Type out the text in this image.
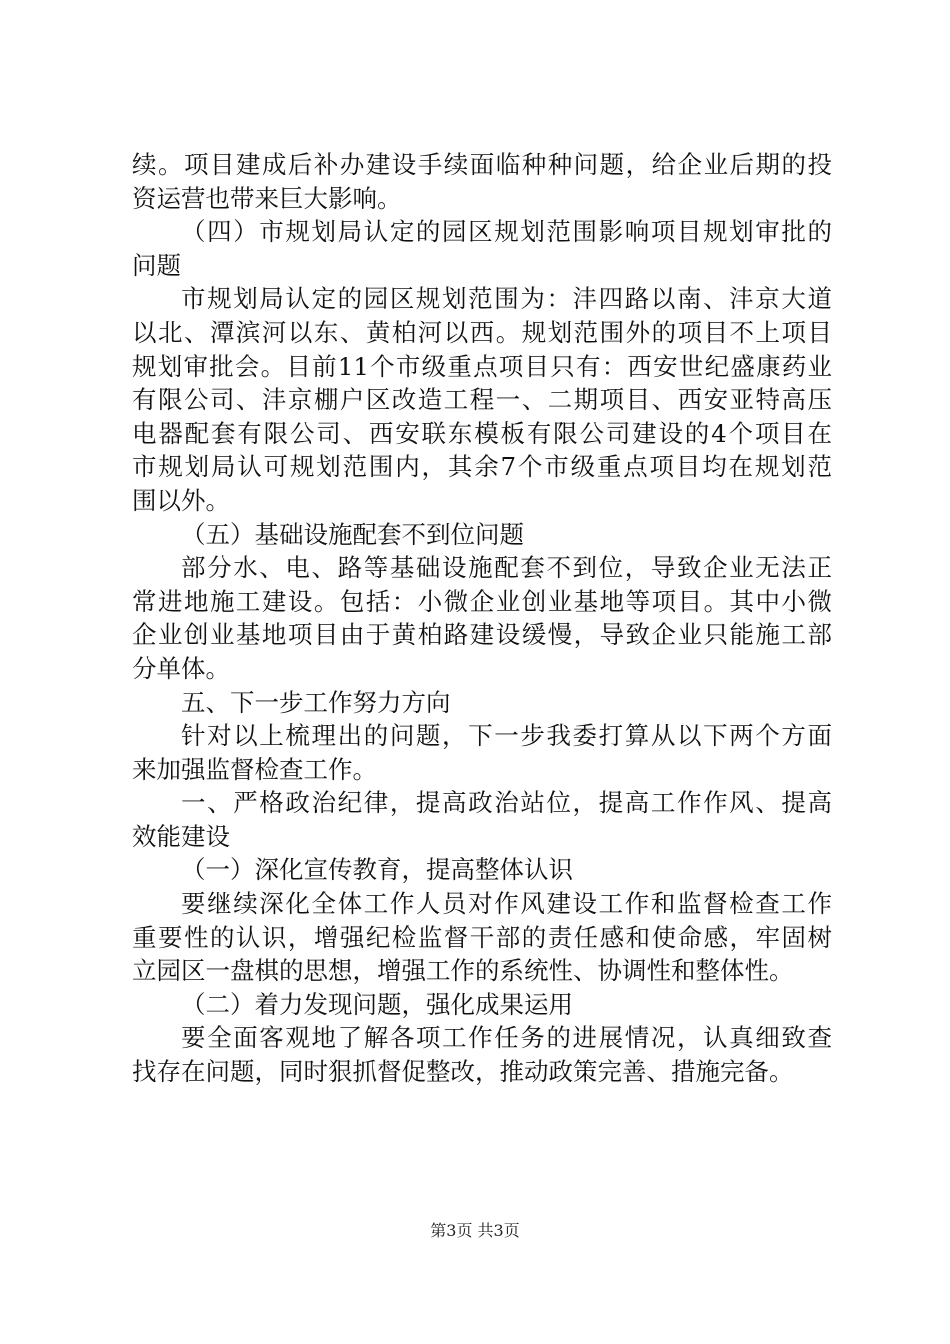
续。项目建成后补办建设手续面临种种问题，给企业后期的投
资运营也带来巨大影响。
（四）市规划局认定的园区规划范围影响项目规划审批的
问题
市规划局认定的园区规划范围为：沣四路以南、沣京大道
以北、潭滨河以东、黄柏河以西。规划范围外的项目不上项目
规划审批会。目前11个市级重点项目只有：西安世纪盛康药业
有限公司、沣京棚户区改造工程一、二期项目、西安亚特高压
电器配套有限公司、西安联东模板有限公司建设的4个项目在
市规划局认可规划范围内，其余7个市级重点项目均在规划范
围以外。
（五）基础设施配套不到位问题
部分水、电、路等基础设施配套不到位，导致企业无法正
常进地施工建设。包括：小微企业创业基地等项目。其中小微
企业创业基地项目由于黄柏路建设缓慢，导致企业只能施工部
分单体。
五、下一步工作努力方向
针对以上梳理出的问题，下一步我委打算从以下两个方面
来加强监督检查工作。
一、严格政治纪律，提高政治站位，提高工作作风、提高
效能建设
（一）深化宣传教育，提高整体认识
要继续深化全体工作人员对作风建设工作和监督检查工作
重要性的认识，增强纪检监督干部的责任感和使命感，牢固树
立园区一盘棋的思想，增强工作的系统性、协调性和整体性。
（二）着力发现问题，强化成果运用
要全面客观地了解各项工作任务的进展情况，认真细致查
找存在问题，同时狠抓督促整改，推动政策完善、措施完备。
第3页 共3页
